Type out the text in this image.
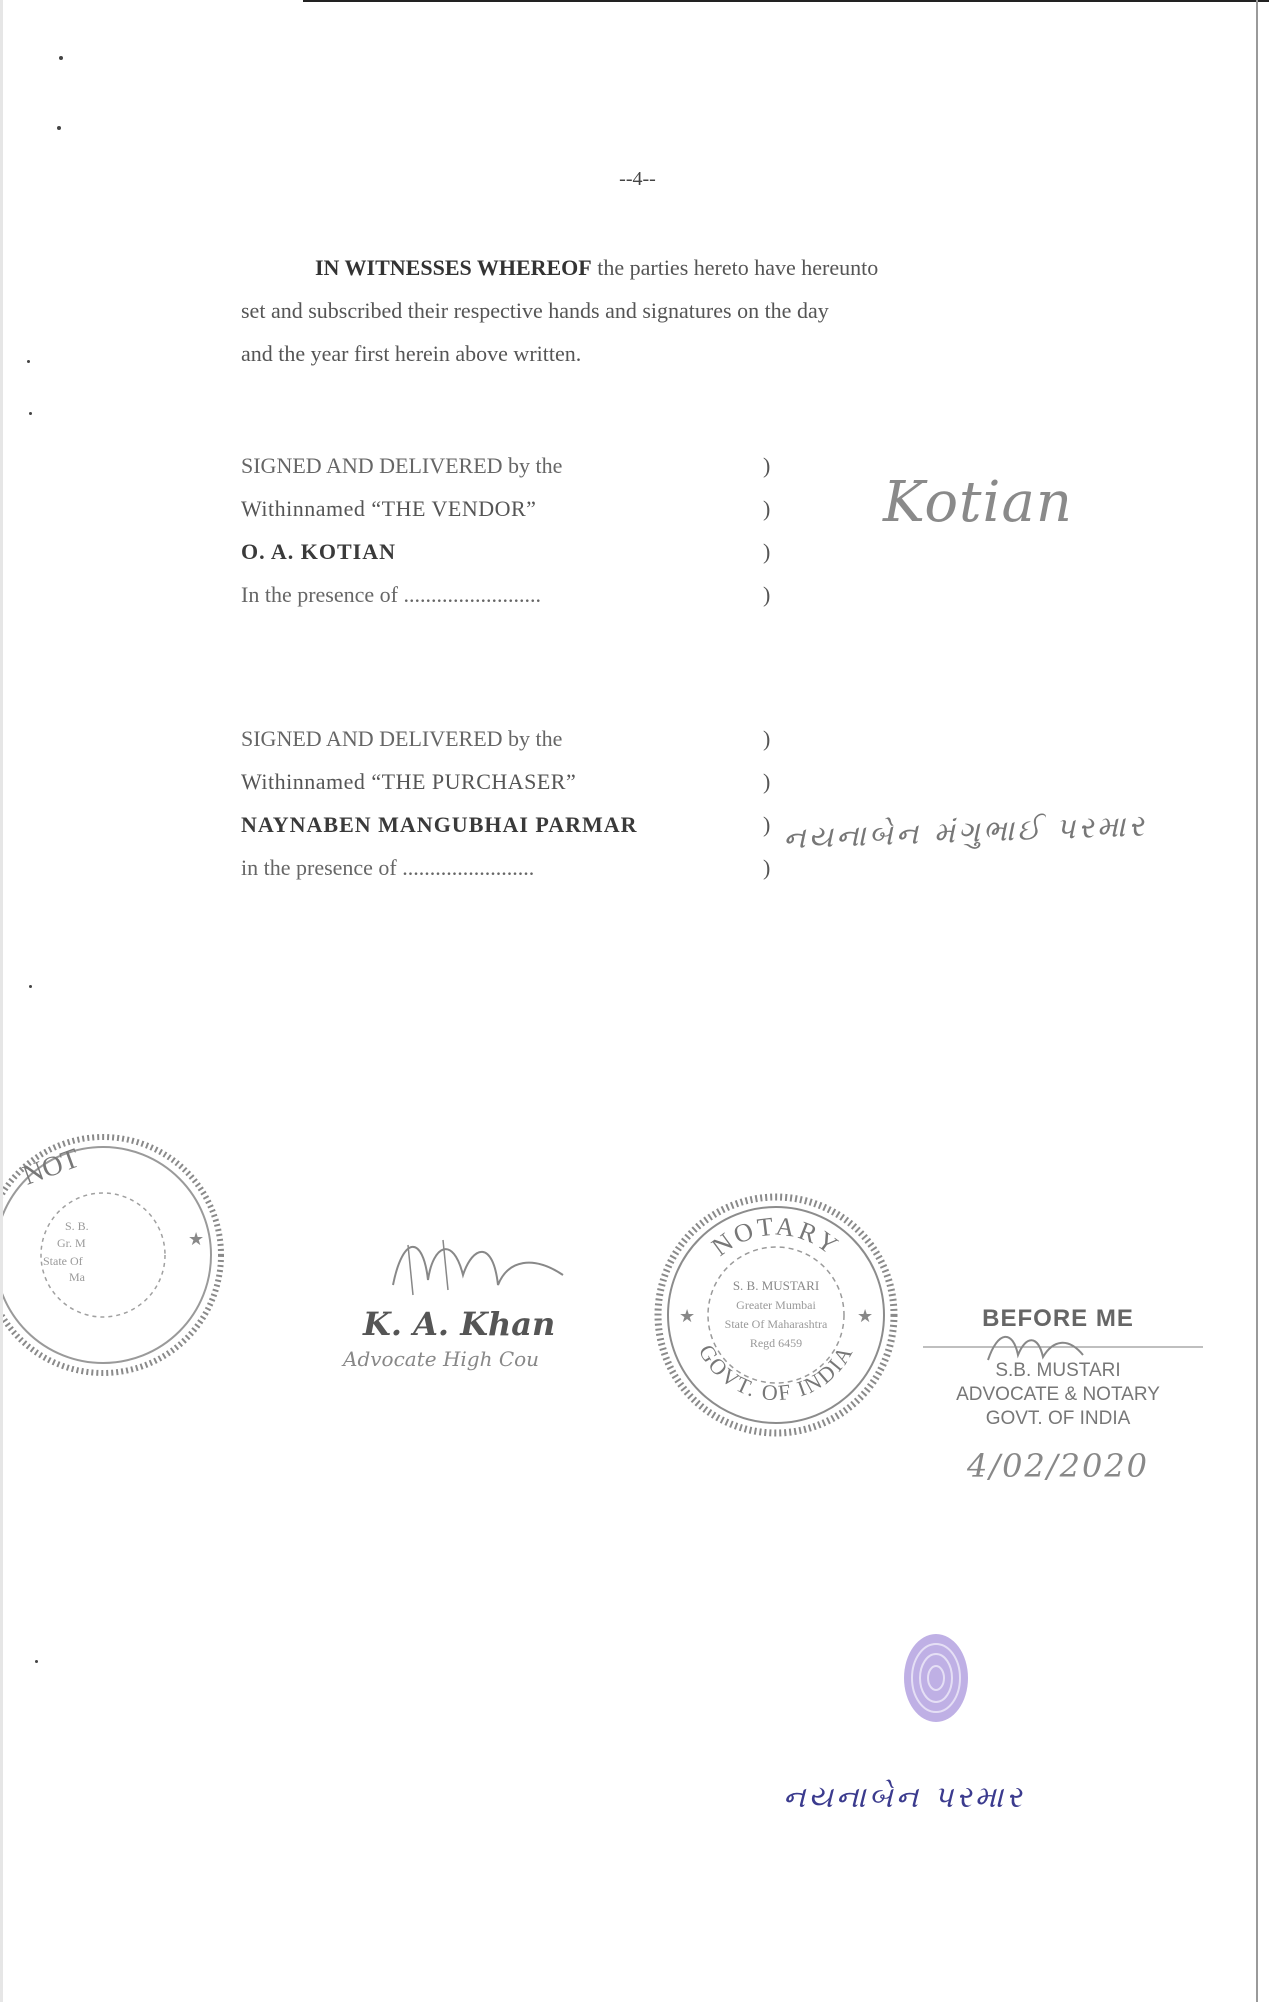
--4--
IN WITNESSES WHEREOF the parties hereto have hereunto
set and subscribed their respective hands and signatures on the day
and the year first herein above written.
SIGNED AND DELIVERED by the	)
Withinnamed “THE VENDOR”	)
O. A. KOTIAN	)
In the presence of .........................	)
Kotian
SIGNED AND DELIVERED by the	)
Withinnamed “THE PURCHASER”	)
NAYNABEN MANGUBHAI PARMAR	)
in the presence of ........................	)
નયનાબેન મંગુભાઈ પરમાર
NOT
S. B.
Gr. M
State Of
Ma
★
K. A. Khan
Advocate High Cou
NOTARY
GOVT. OF INDIA
S. B. MUSTARI
Greater Mumbai
State Of Maharashtra
Regd 6459
★	★	BEFORE ME
S.B. MUSTARI
ADVOCATE & NOTARY
GOVT. OF INDIA
4/02/2020
નયનાબેન પરમાર
